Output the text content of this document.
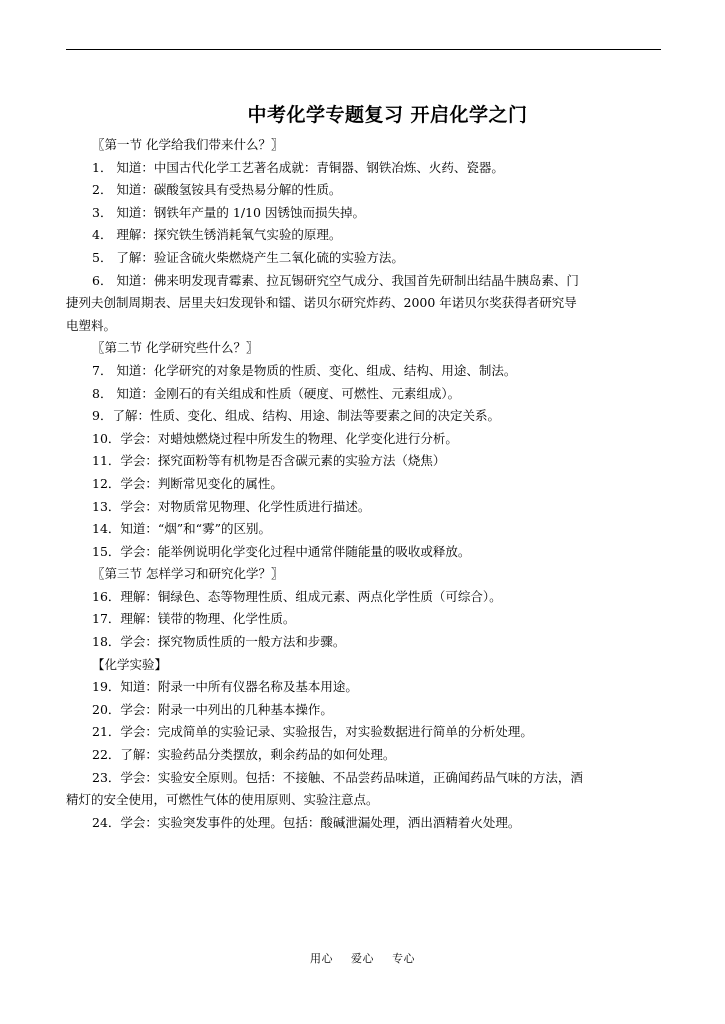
中考化学专题复习 开启化学之门
〖第一节 化学给我们带来什么？〗
1． 知道：中国古代化学工艺著名成就：青铜器、钢铁冶炼、火药、瓷器。
2． 知道：碳酸氢铵具有受热易分解的性质。
3． 知道：钢铁年产量的 1/10 因锈蚀而损失掉。
4． 理解：探究铁生锈消耗氧气实验的原理。
5． 了解：验证含硫火柴燃烧产生二氧化硫的实验方法。
6． 知道：佛来明发现青霉素、拉瓦锡研究空气成分、我国首先研制出结晶牛胰岛素、门
捷列夫创制周期表、居里夫妇发现钋和镭、诺贝尔研究炸药、2000 年诺贝尔奖获得者研究导
电塑料。
〖第二节 化学研究些什么？〗
7． 知道：化学研究的对象是物质的性质、变化、组成、结构、用途、制法。
8． 知道：金刚石的有关组成和性质（硬度、可燃性、元素组成）。
9．了解：性质、变化、组成、结构、用途、制法等要素之间的决定关系。
10．学会：对蜡烛燃烧过程中所发生的物理、化学变化进行分析。
11．学会：探究面粉等有机物是否含碳元素的实验方法（烧焦）
12．学会：判断常见变化的属性。
13．学会：对物质常见物理、化学性质进行描述。
14．知道：“烟”和“雾”的区别。
15．学会：能举例说明化学变化过程中通常伴随能量的吸收或释放。
〖第三节 怎样学习和研究化学？〗
16．理解：铜绿色、态等物理性质、组成元素、两点化学性质（可综合）。
17．理解：镁带的物理、化学性质。
18．学会：探究物质性质的一般方法和步骤。
【化学实验】
19．知道：附录一中所有仪器名称及基本用途。
20．学会：附录一中列出的几种基本操作。
21．学会：完成简单的实验记录、实验报告，对实验数据进行简单的分析处理。
22．了解：实验药品分类摆放，剩余药品的如何处理。
23．学会：实验安全原则。包括：不接触、不品尝药品味道，正确闻药品气味的方法，酒
精灯的安全使用，可燃性气体的使用原则、实验注意点。
24．学会：实验突发事件的处理。包括：酸碱泄漏处理，洒出酒精着火处理。
用心 爱心 专心
